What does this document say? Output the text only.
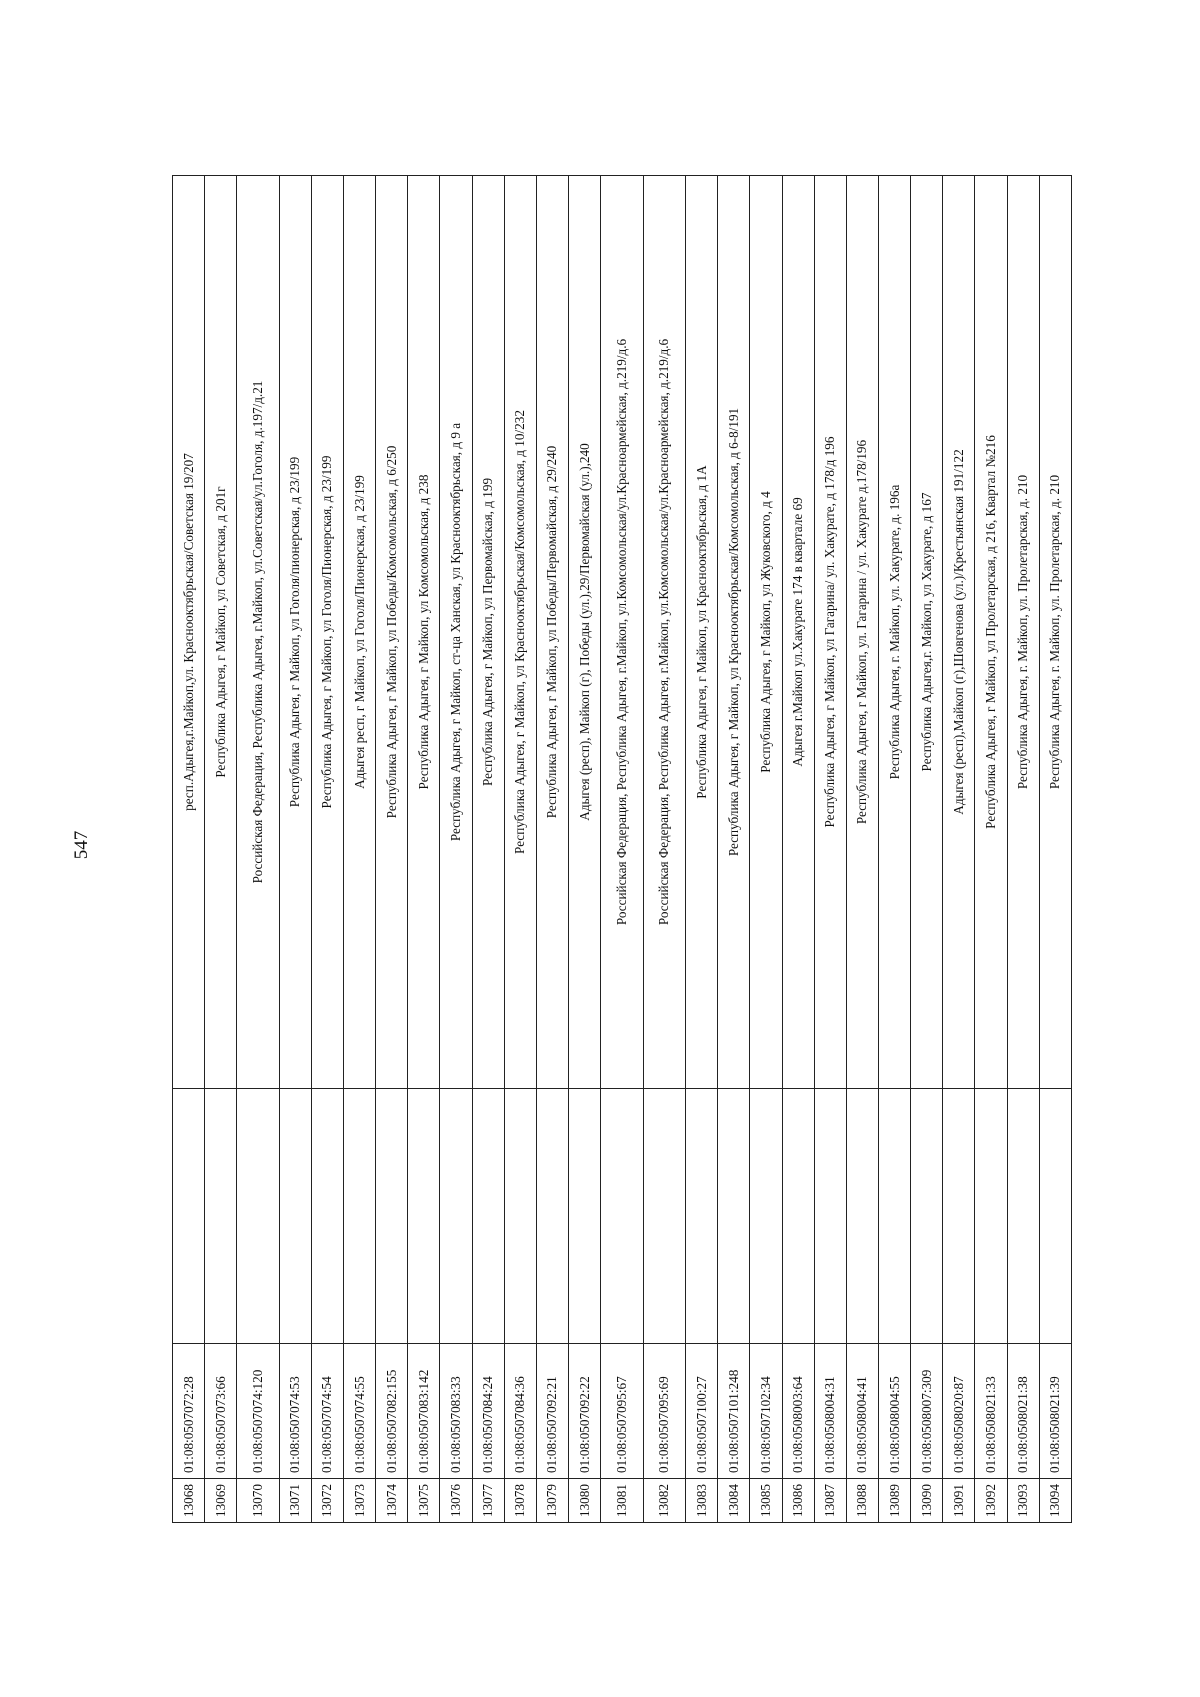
547
13068	01:08:0507072:28		респ.Адыгея,г.Майкоп,ул. Краснооктябрьская/Советская 19/207
13069	01:08:0507073:66		Республика Адыгея, г Майкоп, ул Советская, д 201г
13070	01:08:0507074:120		Российская Федерация, Республика Адыгея, г.Майкоп, ул.Советская/ул.Гоголя, д.197/д.21
13071	01:08:0507074:53		Республика Адыгея, г Майкоп, ул Гоголя/пионерская, д 23/199
13072	01:08:0507074:54		Республика Адыгея, г Майкоп, ул Гоголя/Пионерская, д 23/199
13073	01:08:0507074:55		Адыгея респ, г Майкоп, ул Гоголя/Пионерская, д 23/199
13074	01:08:0507082:155		Республика Адыгея, г Майкоп, ул Победы/Комсомольская, д 6/250
13075	01:08:0507083:142		Республика Адыгея, г Майкоп, ул Комсомольская, д 238
13076	01:08:0507083:33		Республика Адыгея, г Майкоп, ст-ца Ханская, ул Краснооктябрьская, д 9 а
13077	01:08:0507084:24		Республика Адыгея, г Майкоп, ул Первомайская, д 199
13078	01:08:0507084:36		Республика Адыгея, г Майкоп, ул Краснооктябрьская/Комсомольская, д 10/232
13079	01:08:0507092:21		Республика Адыгея, г Майкоп, ул Победы/Первомайская, д 29/240
13080	01:08:0507092:22		Адыгея (респ), Майкоп (г), Победы (ул.),29/Первомайская (ул.),240
13081	01:08:0507095:67		Российская Федерация, Республика Адыгея, г.Майкоп, ул.Комсомольская/ул.Красноармейская, д.219/д.6
13082	01:08:0507095:69		Российская Федерация, Республика Адыгея, г.Майкоп, ул.Комсомольская/ул.Красноармейская, д.219/д.6
13083	01:08:0507100:27		Республика Адыгея, г Майкоп, ул Краснооктябрьская, д 1А
13084	01:08:0507101:248		Республика Адыгея, г Майкоп, ул Краснооктябрьская/Комсомольская, д 6-8/191
13085	01:08:0507102:34		Республика Адыгея, г Майкоп, ул Жуковского, д 4
13086	01:08:0508003:64		Адыгея г.Майкоп ул.Хакурате 174 в квартале 69
13087	01:08:0508004:31		Республика Адыгея, г Майкоп, ул Гагарина/ ул. Хакурате, д 178/д 196
13088	01:08:0508004:41		Республика Адыгея, г Майкоп, ул. Гагарина / ул. Хакурате д.178/196
13089	01:08:0508004:55		Республика Адыгея, г. Майкоп, ул. Хакурате, д. 196а
13090	01:08:0508007:309		Республика Адыгея,г. Майкоп, ул Хакурате, д 167
13091	01:08:0508020:87		Адыгея (респ),Майкоп (г),Шовгенова (ул.)/Крестьянская 191/122
13092	01:08:0508021:33		Республика Адыгея, г Майкоп, ул Пролетарская, д 216, Квартал №216
13093	01:08:0508021:38		Республика Адыгея, г. Майкоп, ул. Пролетарская, д. 210
13094	01:08:0508021:39		Республика Адыгея, г. Майкоп, ул. Пролетарская, д. 210
